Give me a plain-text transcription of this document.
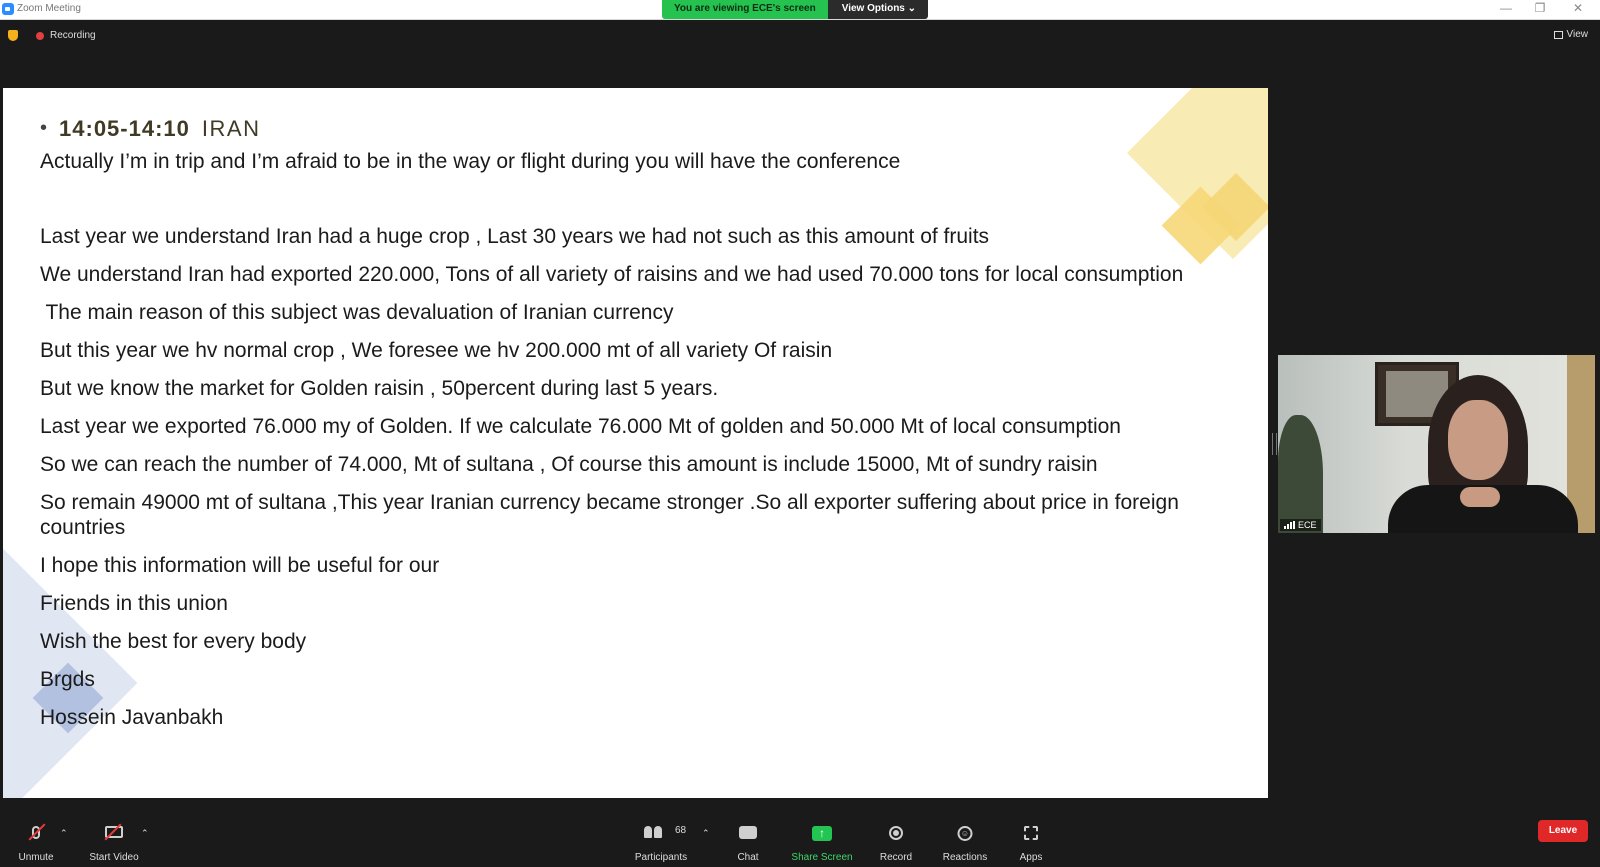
Zoom Meeting	You are viewing ECE's screen	View Options ⌄	—	❐	✕
Recording	View
• 14:05-14:10 IRAN

Actually I’m in trip and I’m afraid to be in the way or flight during you will have the conference

Last year we understand Iran had a huge crop , Last 30 years we had not such as this amount of fruits

We understand Iran had exported 220.000, Tons of all variety of raisins and we had used 70.000 tons for local consumption

The main reason of this subject was devaluation of Iranian currency

But this year we hv normal crop , We foresee we hv 200.000 mt of all variety Of raisin

But we know the market for Golden raisin , 50percent during last 5 years.

Last year we exported 76.000 my of Golden. If we calculate 76.000 Mt of golden and 50.000 Mt of local consumption

So we can reach the number of 74.000, Mt of sultana , Of course this amount is include 15000, Mt of sundry raisin

So remain 49000 mt of sultana ,This year Iranian currency became stronger .So all exporter suffering about price in foreign countries

I hope this information will be useful for our

Friends in this union

Wish the best for every body

Brgds

Hossein Javanbakh

ECE
Unmute
⌃
Start Video
⌃	68
Participants
⌃
Chat
↑
Share Screen	Record
☺
Reactions	Apps
Leave
